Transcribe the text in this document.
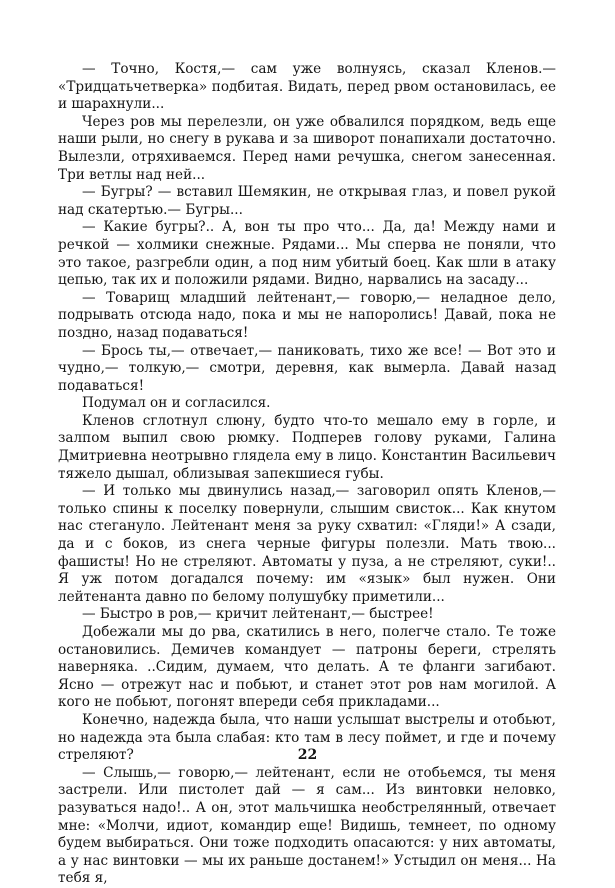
— Точно, Костя,— сам уже волнуясь, сказал Кленов.— «Тридцатьчетверка» подбитая. Видать, перед рвом остановилась, ее и шарахнули...

Через ров мы перелезли, он уже обвалился порядком, ведь еще наши рыли, но снегу в рукава и за шиворот понапихали достаточно. Вылезли, отряхиваемся. Перед нами речушка, снегом занесенная. Три ветлы над ней...

— Бугры? — вставил Шемякин, не открывая глаз, и повел рукой над скатертью.— Бугры...

— Какие бугры?.. А, вон ты про что... Да, да! Между нами и речкой — холмики снежные. Рядами... Мы сперва не поняли, что это такое, разгребли один, а под ним убитый боец. Как шли в атаку цепью, так их и положили рядами. Видно, нарвались на засаду...

— Товарищ младший лейтенант,— говорю,— неладное дело, подрывать отсюда надо, пока и мы не напоролись! Давай, пока не поздно, назад подаваться!

— Брось ты,— отвечает,— паниковать, тихо же все! — Вот это и чудно,— толкую,— смотри, деревня, как вымерла. Давай назад подаваться!

Подумал он и согласился.

Кленов сглотнул слюну, будто что-то мешало ему в горле, и залпом выпил свою рюмку. Подперев голову руками, Галина Дмитриевна неотрывно глядела ему в лицо. Константин Васильевич тяжело дышал, облизывая запекшиеся губы.

— И только мы двинулись назад,— заговорил опять Кленов,— только спины к поселку повернули, слышим свисток... Как кнутом нас стегануло. Лейтенант меня за руку схватил: «Гляди!» А сзади, да и с боков, из снега черные фигуры полезли. Мать твою... фашисты! Но не стреляют. Автоматы у пуза, а не стреляют, суки!.. Я уж потом догадался почему: им «язык» был нужен. Они лейтенанта давно по белому полушубку приметили...

— Быстро в ров,— кричит лейтенант,— быстрее!

Добежали мы до рва, скатились в него, полегче стало. Те тоже остановились. Демичев командует — патроны береги, стрелять наверняка. ..Сидим, думаем, что делать. А те фланги загибают. Ясно — отрежут нас и побьют, и станет этот ров нам могилой. А кого не побьют, погонят впереди себя прикладами...

Конечно, надежда была, что наши услышат выстрелы и отобьют, но надежда эта была слабая: кто там в лесу поймет, и где и почему стреляют?

— Слышь,— говорю,— лейтенант, если не отобьемся, ты меня застрели. Или пистолет дай — я сам... Из винтовки неловко, разуваться надо!.. А он, этот мальчишка необстрелянный, отвечает мне: «Молчи, идиот, командир еще! Видишь, темнеет, по одному будем выбираться. Они тоже подходить опасаются: у них автоматы, а у нас винтовки — мы их раньше достанем!» Устыдил он меня... На тебя я,

22
